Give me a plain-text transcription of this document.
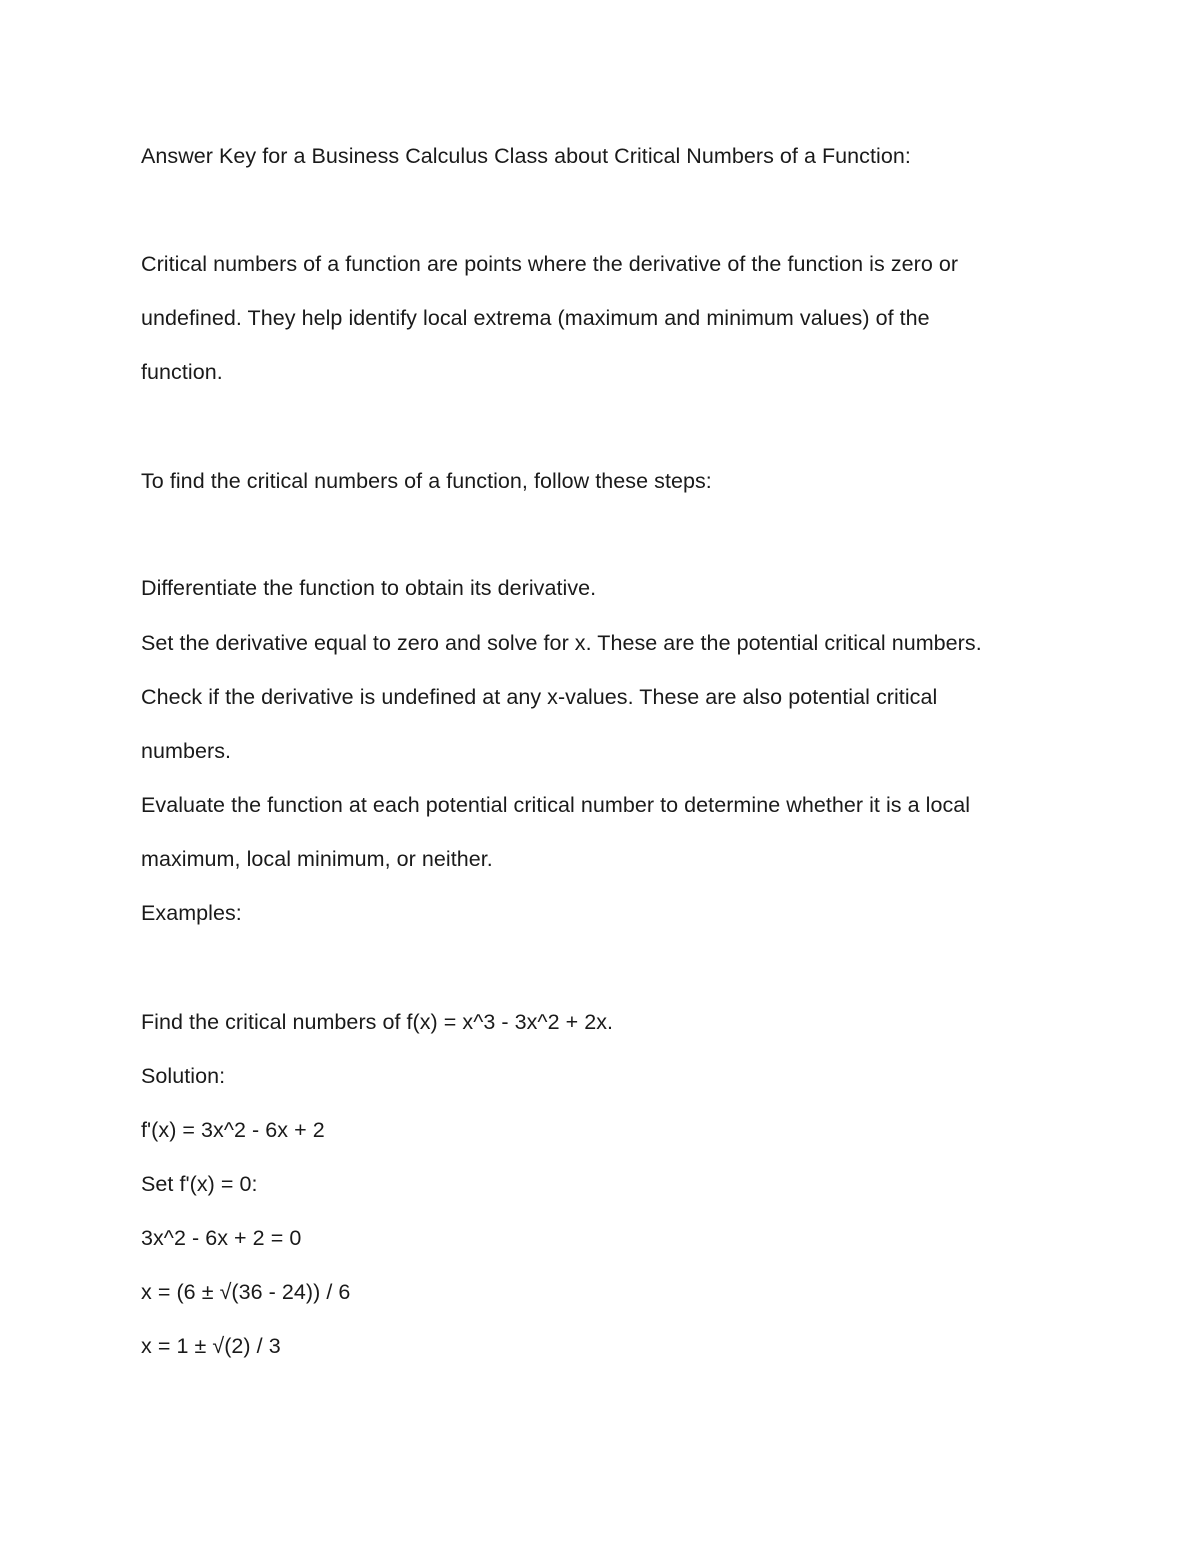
Answer Key for a Business Calculus Class about Critical Numbers of a Function:
Critical numbers of a function are points where the derivative of the function is zero or
undefined. They help identify local extrema (maximum and minimum values) of the
function.
To find the critical numbers of a function, follow these steps:
Differentiate the function to obtain its derivative.
Set the derivative equal to zero and solve for x. These are the potential critical numbers.
Check if the derivative is undefined at any x-values. These are also potential critical
numbers.
Evaluate the function at each potential critical number to determine whether it is a local
maximum, local minimum, or neither.
Examples:
Find the critical numbers of f(x) = x^3 - 3x^2 + 2x.
Solution:
f'(x) = 3x^2 - 6x + 2
Set f'(x) = 0:
3x^2 - 6x + 2 = 0
x = (6 ± √(36 - 24)) / 6
x = 1 ± √(2) / 3
